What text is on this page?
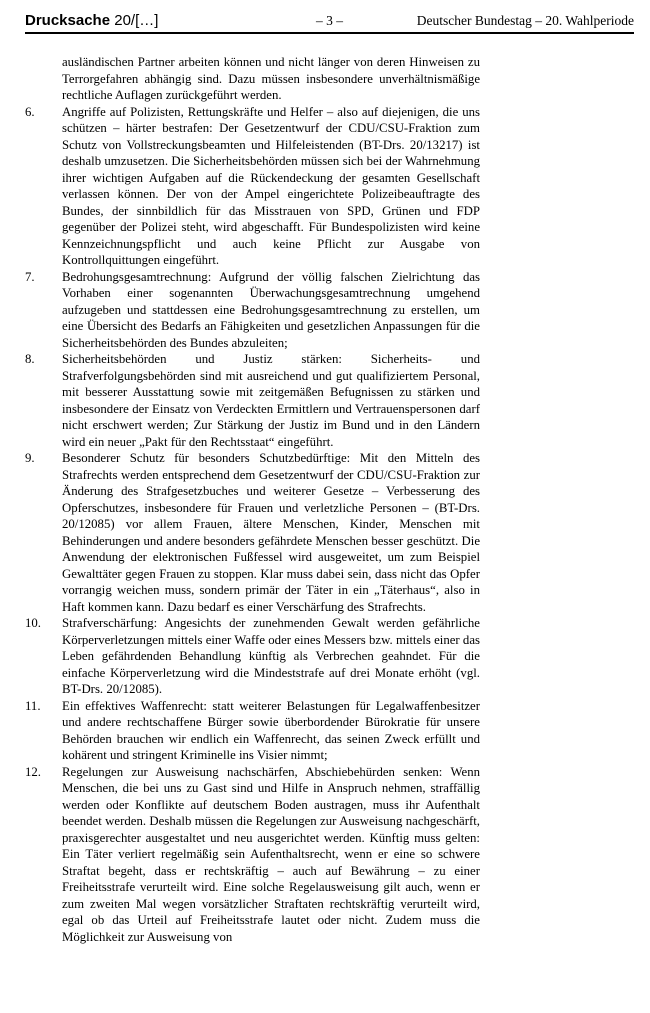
Drucksache 20/[…]	– 3 –	Deutscher Bundestag – 20. Wahlperiode

ausländischen Partner arbeiten können und nicht länger von deren Hinweisen zu Terrorgefahren abhängig sind. Dazu müssen insbesondere unverhältnismäßige rechtliche Auflagen zurückgeführt werden.

6.	Angriffe auf Polizisten, Rettungskräfte und Helfer – also auf diejenigen, die uns schützen – härter bestrafen: Der Gesetzentwurf der CDU/CSU-Fraktion zum Schutz von Vollstreckungsbeamten und Hilfeleistenden (BT-Drs. 20/13217) ist deshalb umzusetzen. Die Sicherheitsbehörden müssen sich bei der Wahrnehmung ihrer wichtigen Aufgaben auf die Rückendeckung der gesamten Gesellschaft verlassen können. Der von der Ampel eingerichtete Polizeibeauftragte des Bundes, der sinnbildlich für das Misstrauen von SPD, Grünen und FDP gegenüber der Polizei steht, wird abgeschafft. Für Bundespolizisten wird keine Kennzeichnungspflicht und auch keine Pflicht zur Ausgabe von Kontrollquittungen eingeführt.
7.	Bedrohungsgesamtrechnung: Aufgrund der völlig falschen Zielrichtung das Vorhaben einer sogenannten Überwachungsgesamtrechnung umgehend aufzugeben und stattdessen eine Bedrohungsgesamtrechnung zu erstellen, um eine Übersicht des Bedarfs an Fähigkeiten und gesetzlichen Anpassungen für die Sicherheitsbehörden des Bundes abzuleiten;
8.	Sicherheitsbehörden und Justiz stärken: Sicherheits- und Strafverfolgungsbehörden sind mit ausreichend und gut qualifiziertem Personal, mit besserer Ausstattung sowie mit zeitgemäßen Befugnissen zu stärken und insbesondere der Einsatz von Verdeckten Ermittlern und Vertrauenspersonen darf nicht erschwert werden; Zur Stärkung der Justiz im Bund und in den Ländern wird ein neuer „Pakt für den Rechtsstaat“ eingeführt.
9.	Besonderer Schutz für besonders Schutzbedürftige: Mit den Mitteln des Strafrechts werden entsprechend dem Gesetzentwurf der CDU/CSU-Fraktion zur Änderung des Strafgesetzbuches und weiterer Gesetze – Verbesserung des Opferschutzes, insbesondere für Frauen und verletzliche Personen – (BT-Drs. 20/12085) vor allem Frauen, ältere Menschen, Kinder, Menschen mit Behinderungen und andere besonders gefährdete Menschen besser geschützt. Die Anwendung der elektronischen Fußfessel wird ausgeweitet, um zum Beispiel Gewalttäter gegen Frauen zu stoppen. Klar muss dabei sein, dass nicht das Opfer vorrangig weichen muss, sondern primär der Täter in ein „Täterhaus“, also in Haft kommen kann. Dazu bedarf es einer Verschärfung des Strafrechts.
10.	Strafverschärfung: Angesichts der zunehmenden Gewalt werden gefährliche Körperverletzungen mittels einer Waffe oder eines Messers bzw. mittels einer das Leben gefährdenden Behandlung künftig als Verbrechen geahndet. Für die einfache Körperverletzung wird die Mindeststrafe auf drei Monate erhöht (vgl. BT-Drs. 20/12085).
11.	Ein effektives Waffenrecht: statt weiterer Belastungen für Legalwaffenbesitzer und andere rechtschaffene Bürger sowie überbordender Bürokratie für unsere Behörden brauchen wir endlich ein Waffenrecht, das seinen Zweck erfüllt und kohärent und stringent Kriminelle ins Visier nimmt;
12.	Regelungen zur Ausweisung nachschärfen, Abschiebehürden senken: Wenn Menschen, die bei uns zu Gast sind und Hilfe in Anspruch nehmen, straffällig werden oder Konflikte auf deutschem Boden austragen, muss ihr Aufenthalt beendet werden. Deshalb müssen die Regelungen zur Ausweisung nachgeschärft, praxisgerechter ausgestaltet und neu ausgerichtet werden. Künftig muss gelten: Ein Täter verliert regelmäßig sein Aufenthaltsrecht, wenn er eine so schwere Straftat begeht, dass er rechtskräftig – auch auf Bewährung – zu einer Freiheitsstrafe verurteilt wird. Eine solche Regelausweisung gilt auch, wenn er zum zweiten Mal wegen vorsätzlicher Straftaten rechtskräftig verurteilt wird, egal ob das Urteil auf Freiheitsstrafe lautet oder nicht. Zudem muss die Möglichkeit zur Ausweisung von
